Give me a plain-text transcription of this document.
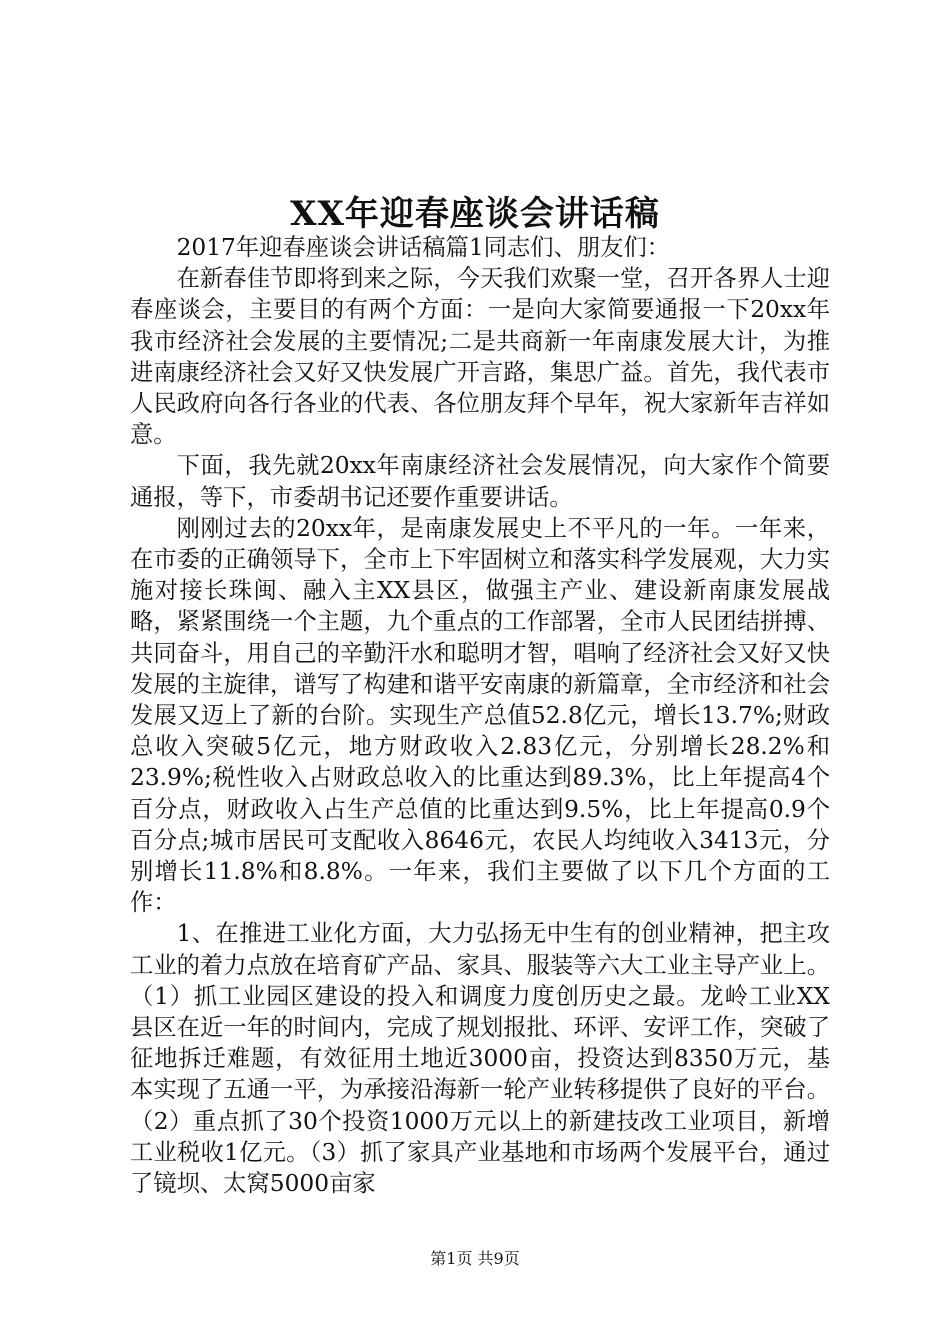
XX年迎春座谈会讲话稿

2017年迎春座谈会讲话稿篇1同志们、朋友们：

在新春佳节即将到来之际，今天我们欢聚一堂，召开各界人士迎春座谈会，主要目的有两个方面：一是向大家简要通报一下20xx年我市经济社会发展的主要情况;二是共商新一年南康发展大计，为推进南康经济社会又好又快发展广开言路，集思广益。首先，我代表市人民政府向各行各业的代表、各位朋友拜个早年，祝大家新年吉祥如意。

下面，我先就20xx年南康经济社会发展情况，向大家作个简要通报，等下，市委胡书记还要作重要讲话。

刚刚过去的20xx年，是南康发展史上不平凡的一年。一年来，在市委的正确领导下，全市上下牢固树立和落实科学发展观，大力实施对接长珠闽、融入主XX县区，做强主产业、建设新南康发展战略，紧紧围绕一个主题，九个重点的工作部署，全市人民团结拼搏、共同奋斗，用自己的辛勤汗水和聪明才智，唱响了经济社会又好又快发展的主旋律，谱写了构建和谐平安南康的新篇章，全市经济和社会发展又迈上了新的台阶。实现生产总值52.8亿元，增长13.7%;财政总收入突破5亿元，地方财政收入2.83亿元，分别增长28.2%和23.9%;税性收入占财政总收入的比重达到89.3%，比上年提高4个百分点，财政收入占生产总值的比重达到9.5%，比上年提高0.9个百分点;城市居民可支配收入8646元，农民人均纯收入3413元，分别增长11.8%和8.8%。一年来，我们主要做了以下几个方面的工作：

1、在推进工业化方面，大力弘扬无中生有的创业精神，把主攻工业的着力点放在培育矿产品、家具、服装等六大工业主导产业上。（1）抓工业园区建设的投入和调度力度创历史之最。龙岭工业XX县区在近一年的时间内，完成了规划报批、环评、安评工作，突破了征地拆迁难题，有效征用土地近3000亩，投资达到8350万元，基本实现了五通一平，为承接沿海新一轮产业转移提供了良好的平台。（2）重点抓了30个投资1000万元以上的新建技改工业项目，新增工业税收1亿元。（3）抓了家具产业基地和市场两个发展平台，通过了镜坝、太窝5000亩家

第1页 共9页
